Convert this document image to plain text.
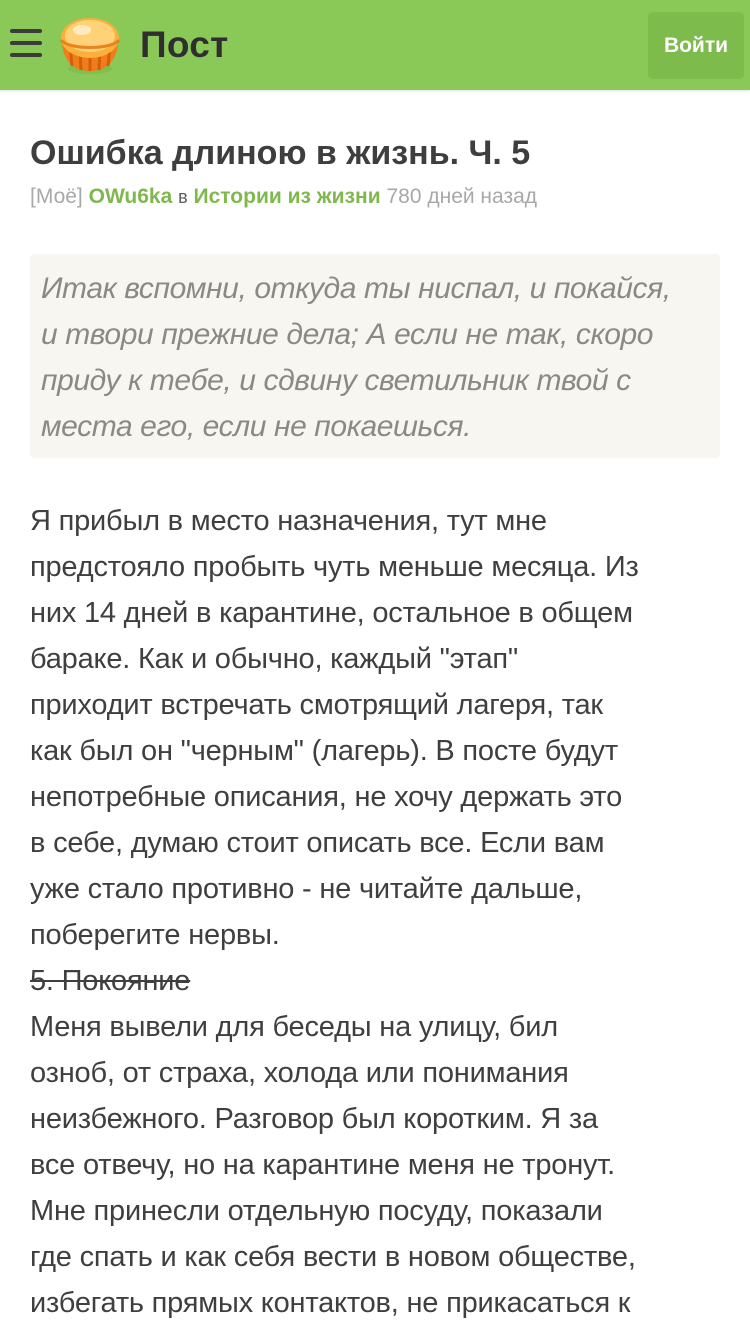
Пост	Войти
Ошибка длиною в жизнь. Ч. 5
[Моё] OWu6ka в Истории из жизни 780 дней назад
Итак вспомни, откуда ты ниспал, и покайся,
и твори прежние дела; А если не так, скоро
приду к тебе, и сдвину светильник твой с
места его, если не покаешься.

Я прибыл в место назначения, тут мне
предстояло пробыть чуть меньше месяца. Из
них 14 дней в карантине, остальное в общем
бараке. Как и обычно, каждый "этап"
приходит встречать смотрящий лагеря, так
как был он "черным" (лагерь). В посте будут
непотребные описания, не хочу держать это
в себе, думаю стоит описать все. Если вам
уже стало противно - не читайте дальше,
поберегите нервы.

5. Покояние

Меня вывели для беседы на улицу, бил
озноб, от страха, холода или понимания
неизбежного. Разговор был коротким. Я за
все отвечу, но на карантине меня не тронут.
Мне принесли отдельную посуду, показали
где спать и как себя вести в новом обществе,
избегать прямых контактов, не прикасаться к
